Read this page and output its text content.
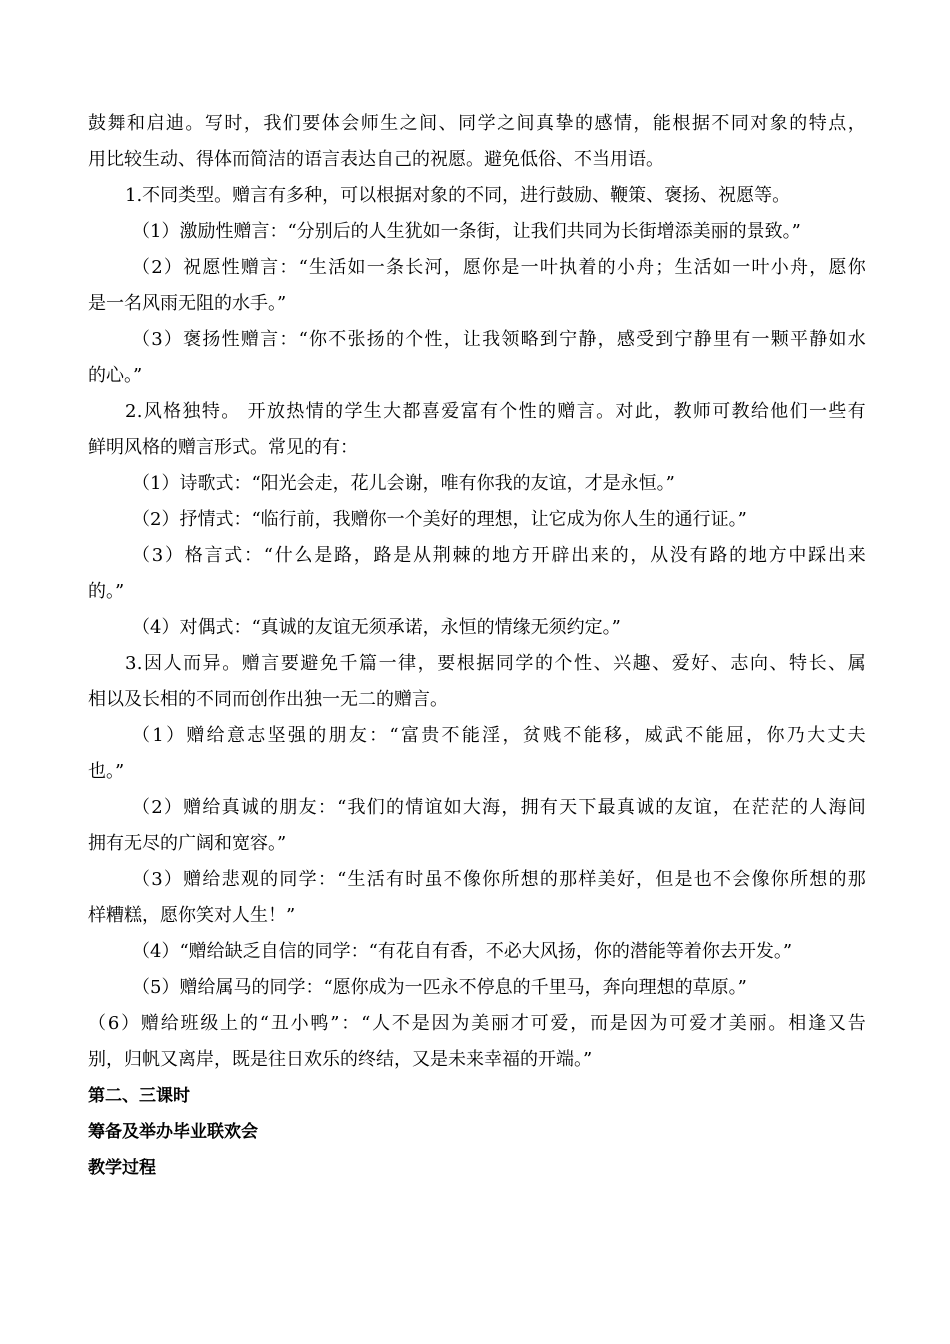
鼓舞和启迪。写时，我们要体会师生之间、同学之间真挚的感情，能根据不同对象的特点，
用比较生动、得体而简洁的语言表达自己的祝愿。避免低俗、不当用语。
1.不同类型。赠言有多种，可以根据对象的不同，进行鼓励、鞭策、褒扬、祝愿等。
（1）激励性赠言：“分别后的人生犹如一条街，让我们共同为长街增添美丽的景致。”
（2）祝愿性赠言：“生活如一条长河，愿你是一叶执着的小舟；生活如一叶小舟，愿你
是一名风雨无阻的水手。”
（3）褒扬性赠言：“你不张扬的个性，让我领略到宁静，感受到宁静里有一颗平静如水
的心。”
2.风格独特。 开放热情的学生大都喜爱富有个性的赠言。对此，教师可教给他们一些有
鲜明风格的赠言形式。常见的有：
（1）诗歌式：“阳光会走，花儿会谢，唯有你我的友谊，才是永恒。”
（2）抒情式：“临行前，我赠你一个美好的理想，让它成为你人生的通行证。”
（3）格言式：“什么是路，路是从荆棘的地方开辟出来的，从没有路的地方中踩出来
的。”
（4）对偶式：“真诚的友谊无须承诺，永恒的情缘无须约定。”
3.因人而异。赠言要避免千篇一律，要根据同学的个性、兴趣、爱好、志向、特长、属
相以及长相的不同而创作出独一无二的赠言。
（1）赠给意志坚强的朋友：“富贵不能淫，贫贱不能移，威武不能屈，你乃大丈夫
也。”
（2）赠给真诚的朋友：“我们的情谊如大海，拥有天下最真诚的友谊，在茫茫的人海间
拥有无尽的广阔和宽容。”
（3）赠给悲观的同学：“生活有时虽不像你所想的那样美好，但是也不会像你所想的那
样糟糕，愿你笑对人生！”
（4）“赠给缺乏自信的同学：“有花自有香，不必大风扬，你的潜能等着你去开发。”
（5）赠给属马的同学：“愿你成为一匹永不停息的千里马，奔向理想的草原。”
（6）赠给班级上的“丑小鸭”：“人不是因为美丽才可爱，而是因为可爱才美丽。相逢又告
别，归帆又离岸，既是往日欢乐的终结，又是未来幸福的开端。”
第二、三课时
筹备及举办毕业联欢会
教学过程
